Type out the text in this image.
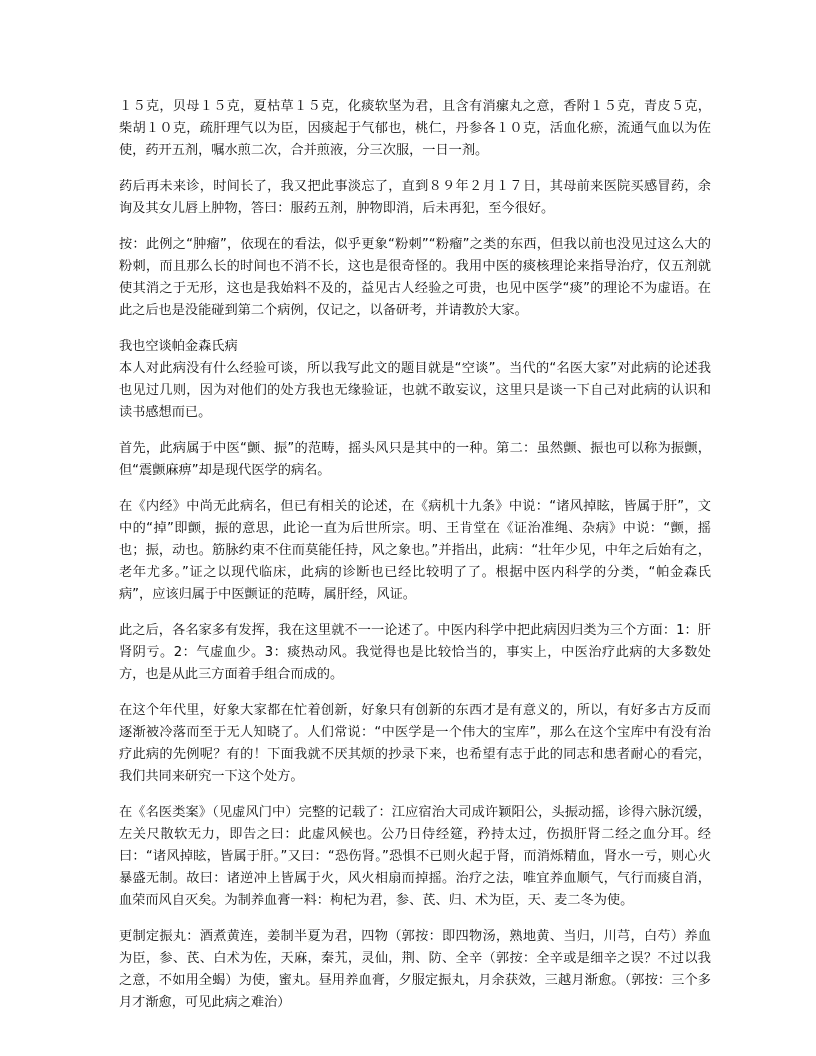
１５克，贝母１５克，夏枯草１５克，化痰软坚为君，且含有消瘰丸之意，香附１５克，青皮５克，柴胡１０克，疏肝理气以为臣，因痰起于气郁也，桃仁，丹参各１０克，活血化瘀，流通气血以为佐使，药开五剂，嘱水煎二次，合并煎液，分三次服，一日一剂。

药后再未来诊，时间长了，我又把此事淡忘了，直到８９年２月１７日，其母前来医院买感冒药，余询及其女儿唇上肿物，答曰：服药五剂，肿物即消，后未再犯，至今很好。

按：此例之“肿瘤”，依现在的看法，似乎更象“粉刺”“粉瘤”之类的东西，但我以前也没见过这么大的粉刺，而且那么长的时间也不消不长，这也是很奇怪的。我用中医的痰核理论来指导治疗，仅五剂就使其消之于无形，这也是我始料不及的，益见古人经验之可贵，也见中医学“痰”的理论不为虚语。在此之后也是没能碰到第二个病例，仅记之，以备研考，并请教於大家。

我也空谈帕金森氏病

本人对此病没有什么经验可谈，所以我写此文的题目就是“空谈”。当代的“名医大家”对此病的论述我也见过几则，因为对他们的处方我也无缘验证，也就不敢妄议，这里只是谈一下自己对此病的认识和读书感想而已。

首先，此病属于中医“颤、振”的范畴，摇头风只是其中的一种。第二：虽然颤、振也可以称为振颤，但“震颤麻痹”却是现代医学的病名。

在《内经》中尚无此病名，但已有相关的论述，在《病机十九条》中说：“诸风掉眩，皆属于肝”，文中的“掉”即颤，振的意思，此论一直为后世所宗。明、王肯堂在《证治准绳、杂病》中说：“颤，摇也；振，动也。筋脉约束不住而莫能任持，风之象也。”并指出，此病：“壮年少见，中年之后始有之，老年尤多。”证之以现代临床，此病的诊断也已经比较明了了。根据中医内科学的分类，“帕金森氏病”，应该归属于中医颤证的范畴，属肝经，风证。

此之后，各名家多有发挥，我在这里就不一一论述了。中医内科学中把此病因归类为三个方面：1：肝肾阴亏。2：气虚血少。3：痰热动风。我觉得也是比较恰当的，事实上，中医治疗此病的大多数处方，也是从此三方面着手组合而成的。

在这个年代里，好象大家都在忙着创新，好象只有创新的东西才是有意义的，所以，有好多古方反而逐渐被冷落而至于无人知晓了。人们常说：“中医学是一个伟大的宝库”，那么在这个宝库中有没有治疗此病的先例呢？有的！下面我就不厌其烦的抄录下来，也希望有志于此的同志和患者耐心的看完，我们共同来研究一下这个处方。

在《名医类案》（见虚风门中）完整的记载了：江应宿治大司成许颖阳公，头振动摇，诊得六脉沉缓，左关尺散软无力，即告之曰：此虚风候也。公乃日侍经筵，矜持太过，伤损肝肾二经之血分耳。经曰：“诸风掉眩，皆属于肝。”又曰：“恐伤肾。”恐惧不已则火起于肾，而消烁精血，肾水一亏，则心火暴盛无制。故曰：诸逆冲上皆属于火，风火相扇而掉摇。治疗之法，唯宜养血顺气，气行而痰自消，血荣而风自灭矣。为制养血膏一料：枸杞为君，参、芪、归、术为臣，天、麦二冬为使。

更制定振丸：酒煮黄连，姜制半夏为君，四物（郭按：即四物汤，熟地黄、当归，川芎，白芍）养血为臣，参、芪、白术为佐，天麻，秦艽，灵仙，荆、防、全辛（郭按：全辛或是细辛之误？不过以我之意，不如用全蝎）为使，蜜丸。昼用养血膏，夕服定振丸，月余获效，三越月渐愈。（郭按：三个多月才渐愈，可见此病之难治）
